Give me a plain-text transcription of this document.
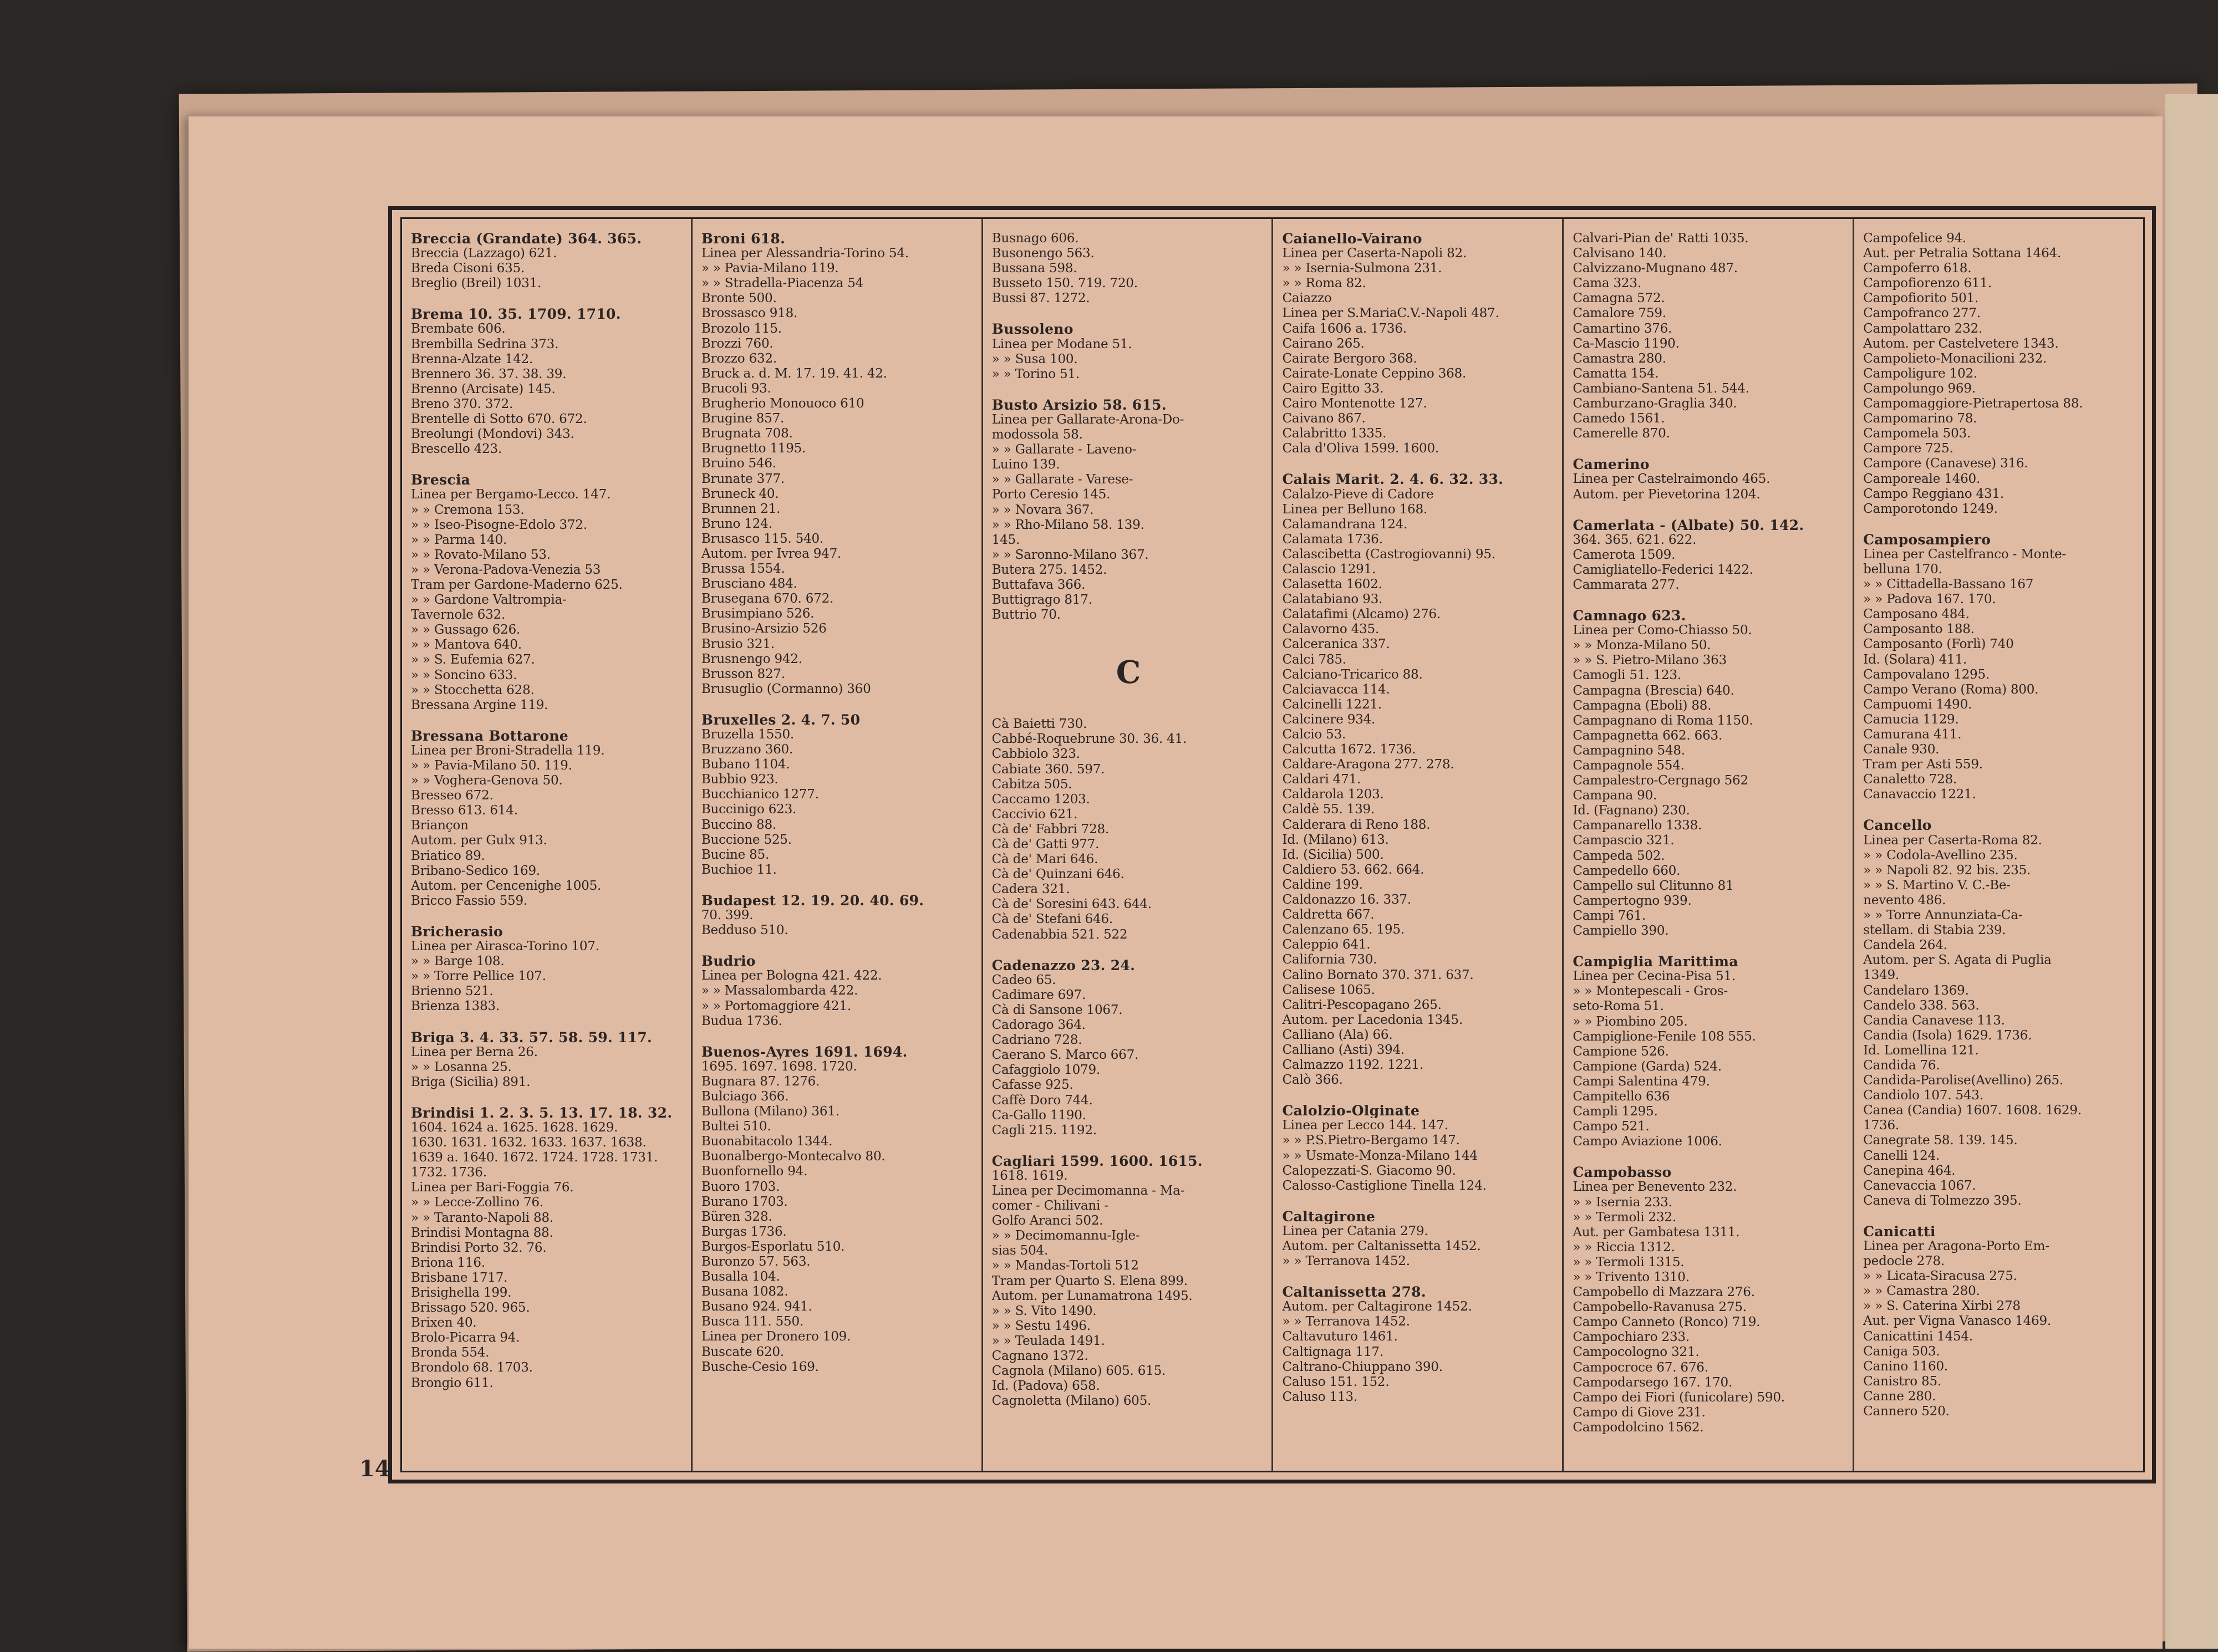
Breccia (Grandate) 364. 365.
Breccia (Lazzago) 621.
Breda Cisoni 635.
Breglio (Breil) 1031.
Brema 10. 35. 1709. 1710.
Brembate 606.
Brembilla Sedrina 373.
Brenna-Alzate 142.
Brennero 36. 37. 38. 39.
Brenno (Arcisate) 145.
Breno 370. 372.
Brentelle di Sotto 670. 672.
Breolungi (Mondovi) 343.
Brescello 423.
Brescia
Linea per Bergamo-Lecco. 147.
» » Cremona 153.
» » Iseo-Pisogne-Edolo 372.
» » Parma 140.
» » Rovato-Milano 53.
» » Verona-Padova-Venezia 53
Tram per Gardone-Maderno 625.
» » Gardone Valtrompia-
Tavernole 632.
» » Gussago 626.
» » Mantova 640.
» » S. Eufemia 627.
» » Soncino 633.
» » Stocchetta 628.
Bressana Argine 119.
Bressana Bottarone
Linea per Broni-Stradella 119.
» » Pavia-Milano 50. 119.
» » Voghera-Genova 50.
Bresseo 672.
Bresso 613. 614.
Briançon
Autom. per Gulx 913.
Briatico 89.
Bribano-Sedico 169.
Autom. per Cencenighe 1005.
Bricco Fassio 559.
Bricherasio
Linea per Airasca-Torino 107.
» » Barge 108.
» » Torre Pellice 107.
Brienno 521.
Brienza 1383.
Briga 3. 4. 33. 57. 58. 59. 117.
Linea per Berna 26.
» » Losanna 25.
Briga (Sicilia) 891.
Brindisi 1. 2. 3. 5. 13. 17. 18. 32.
1604. 1624 a. 1625. 1628. 1629.
1630. 1631. 1632. 1633. 1637. 1638.
1639 a. 1640. 1672. 1724. 1728. 1731.
1732. 1736.
Linea per Bari-Foggia 76.
» » Lecce-Zollino 76.
» » Taranto-Napoli 88.
Brindisi Montagna 88.
Brindisi Porto 32. 76.
Briona 116.
Brisbane 1717.
Brisighella 199.
Brissago 520. 965.
Brixen 40.
Brolo-Picarra 94.
Bronda 554.
Brondolo 68. 1703.
Brongio 611.
Broni 618.
Linea per Alessandria-Torino 54.
» » Pavia-Milano 119.
» » Stradella-Piacenza 54
Bronte 500.
Brossasco 918.
Brozolo 115.
Brozzi 760.
Brozzo 632.
Bruck a. d. M. 17. 19. 41. 42.
Brucoli 93.
Brugherio Monouoco 610
Brugine 857.
Brugnata 708.
Brugnetto 1195.
Bruino 546.
Brunate 377.
Bruneck 40.
Brunnen 21.
Bruno 124.
Brusasco 115. 540.
Autom. per Ivrea 947.
Brussa 1554.
Brusciano 484.
Brusegana 670. 672.
Brusimpiano 526.
Brusino-Arsizio 526
Brusio 321.
Brusnengo 942.
Brusson 827.
Brusuglio (Cormanno) 360
Bruxelles 2. 4. 7. 50
Bruzella 1550.
Bruzzano 360.
Bubano 1104.
Bubbio 923.
Bucchianico 1277.
Buccinigo 623.
Buccino 88.
Buccione 525.
Bucine 85.
Buchioe 11.
Budapest 12. 19. 20. 40. 69.
70. 399.
Bedduso 510.
Budrio
Linea per Bologna 421. 422.
» » Massalombarda 422.
» » Portomaggiore 421.
Budua 1736.
Buenos-Ayres 1691. 1694.
1695. 1697. 1698. 1720.
Bugnara 87. 1276.
Bulciago 366.
Bullona (Milano) 361.
Bultei 510.
Buonabitacolo 1344.
Buonalbergo-Montecalvo 80.
Buonfornello 94.
Buoro 1703.
Burano 1703.
Büren 328.
Burgas 1736.
Burgos-Esporlatu 510.
Buronzo 57. 563.
Busalla 104.
Busana 1082.
Busano 924. 941.
Busca 111. 550.
Linea per Dronero 109.
Buscate 620.
Busche-Cesio 169.
Busnago 606.
Busonengo 563.
Bussana 598.
Busseto 150. 719. 720.
Bussi 87. 1272.
Bussoleno
Linea per Modane 51.
» » Susa 100.
» » Torino 51.
Busto Arsizio 58. 615.
Linea per Gallarate-Arona-Do-
modossola 58.
» » Gallarate - Laveno-
Luino 139.
» » Gallarate - Varese-
Porto Ceresio 145.
» » Novara 367.
» » Rho-Milano 58. 139.
145.
» » Saronno-Milano 367.
Butera 275. 1452.
Buttafava 366.
Buttigrago 817.
Buttrio 70.
C
Cà Baietti 730.
Cabbé-Roquebrune 30. 36. 41.
Cabbiolo 323.
Cabiate 360. 597.
Cabitza 505.
Caccamo 1203.
Caccivio 621.
Cà de' Fabbri 728.
Cà de' Gatti 977.
Cà de' Mari 646.
Cà de' Quinzani 646.
Cadera 321.
Cà de' Soresini 643. 644.
Cà de' Stefani 646.
Cadenabbia 521. 522
Cadenazzo 23. 24.
Cadeo 65.
Cadimare 697.
Cà di Sansone 1067.
Cadorago 364.
Cadriano 728.
Caerano S. Marco 667.
Cafaggiolo 1079.
Cafasse 925.
Caffè Doro 744.
Ca-Gallo 1190.
Cagli 215. 1192.
Cagliari 1599. 1600. 1615.
1618. 1619.
Linea per Decimomanna - Ma-
comer - Chilivani -
Golfo Aranci 502.
» » Decimomannu-Igle-
sias 504.
» » Mandas-Tortoli 512
Tram per Quarto S. Elena 899.
Autom. per Lunamatrona 1495.
» » S. Vito 1490.
» » Sestu 1496.
» » Teulada 1491.
Cagnano 1372.
Cagnola (Milano) 605. 615.
Id. (Padova) 658.
Cagnoletta (Milano) 605.
Caianello-Vairano
Linea per Caserta-Napoli 82.
» » Isernia-Sulmona 231.
» » Roma 82.
Caiazzo
Linea per S.MariaC.V.-Napoli 487.
Caifa 1606 a. 1736.
Cairano 265.
Cairate Bergoro 368.
Cairate-Lonate Ceppino 368.
Cairo Egitto 33.
Cairo Montenotte 127.
Caivano 867.
Calabritto 1335.
Cala d'Oliva 1599. 1600.
Calais Marit. 2. 4. 6. 32. 33.
Calalzo-Pieve di Cadore
Linea per Belluno 168.
Calamandrana 124.
Calamata 1736.
Calascibetta (Castrogiovanni) 95.
Calascio 1291.
Calasetta 1602.
Calatabiano 93.
Calatafimi (Alcamo) 276.
Calavorno 435.
Calceranica 337.
Calci 785.
Calciano-Tricarico 88.
Calciavacca 114.
Calcinelli 1221.
Calcinere 934.
Calcio 53.
Calcutta 1672. 1736.
Caldare-Aragona 277. 278.
Caldari 471.
Caldarola 1203.
Caldè 55. 139.
Calderara di Reno 188.
Id. (Milano) 613.
Id. (Sicilia) 500.
Caldiero 53. 662. 664.
Caldine 199.
Caldonazzo 16. 337.
Caldretta 667.
Calenzano 65. 195.
Caleppio 641.
California 730.
Calino Bornato 370. 371. 637.
Calisese 1065.
Calitri-Pescopagano 265.
Autom. per Lacedonia 1345.
Calliano (Ala) 66.
Calliano (Asti) 394.
Calmazzo 1192. 1221.
Calò 366.
Calolzio-Olginate
Linea per Lecco 144. 147.
» » P.S.Pietro-Bergamo 147.
» » Usmate-Monza-Milano 144
Calopezzati-S. Giacomo 90.
Calosso-Castiglione Tinella 124.
Caltagirone
Linea per Catania 279.
Autom. per Caltanissetta 1452.
» » Terranova 1452.
Caltanissetta 278.
Autom. per Caltagirone 1452.
» » Terranova 1452.
Caltavuturo 1461.
Caltignaga 117.
Caltrano-Chiuppano 390.
Caluso 151. 152.
Caluso 113.
Calvari-Pian de' Ratti 1035.
Calvisano 140.
Calvizzano-Mugnano 487.
Cama 323.
Camagna 572.
Camalore 759.
Camartino 376.
Ca-Mascio 1190.
Camastra 280.
Camatta 154.
Cambiano-Santena 51. 544.
Camburzano-Graglia 340.
Camedo 1561.
Camerelle 870.
Camerino
Linea per Castelraimondo 465.
Autom. per Pievetorina 1204.
Camerlata - (Albate) 50. 142.
364. 365. 621. 622.
Camerota 1509.
Camigliatello-Federici 1422.
Cammarata 277.
Camnago 623.
Linea per Como-Chiasso 50.
» » Monza-Milano 50.
» » S. Pietro-Milano 363
Camogli 51. 123.
Campagna (Brescia) 640.
Campagna (Eboli) 88.
Campagnano di Roma 1150.
Campagnetta 662. 663.
Campagnino 548.
Campagnole 554.
Campalestro-Cergnago 562
Campana 90.
Id. (Fagnano) 230.
Campanarello 1338.
Campascio 321.
Campeda 502.
Campedello 660.
Campello sul Clitunno 81
Campertogno 939.
Campi 761.
Campiello 390.
Campiglia Marittima
Linea per Cecina-Pisa 51.
» » Montepescali - Gros-
seto-Roma 51.
» » Piombino 205.
Campiglione-Fenile 108 555.
Campione 526.
Campione (Garda) 524.
Campi Salentina 479.
Campitello 636
Campli 1295.
Campo 521.
Campo Aviazione 1006.
Campobasso
Linea per Benevento 232.
» » Isernia 233.
» » Termoli 232.
Aut. per Gambatesa 1311.
» » Riccia 1312.
» » Termoli 1315.
» » Trivento 1310.
Campobello di Mazzara 276.
Campobello-Ravanusa 275.
Campo Canneto (Ronco) 719.
Campochiaro 233.
Campocologno 321.
Campocroce 67. 676.
Campodarsego 167. 170.
Campo dei Fiori (funicolare) 590.
Campo di Giove 231.
Campodolcino 1562.
Campofelice 94.
Aut. per Petralia Sottana 1464.
Campoferro 618.
Campofiorenzo 611.
Campofiorito 501.
Campofranco 277.
Campolattaro 232.
Autom. per Castelvetere 1343.
Campolieto-Monacilioni 232.
Campoligure 102.
Campolungo 969.
Campomaggiore-Pietrapertosa 88.
Campomarino 78.
Campomela 503.
Campore 725.
Campore (Canavese) 316.
Camporeale 1460.
Campo Reggiano 431.
Camporotondo 1249.
Camposampiero
Linea per Castelfranco - Monte-
belluna 170.
» » Cittadella-Bassano 167
» » Padova 167. 170.
Camposano 484.
Camposanto 188.
Camposanto (Forlì) 740
Id. (Solara) 411.
Campovalano 1295.
Campo Verano (Roma) 800.
Campuomi 1490.
Camucia 1129.
Camurana 411.
Canale 930.
Tram per Asti 559.
Canaletto 728.
Canavaccio 1221.
Cancello
Linea per Caserta-Roma 82.
» » Codola-Avellino 235.
» » Napoli 82. 92 bis. 235.
» » S. Martino V. C.-Be-
nevento 486.
» » Torre Annunziata-Ca-
stellam. di Stabia 239.
Candela 264.
Autom. per S. Agata di Puglia
1349.
Candelaro 1369.
Candelo 338. 563.
Candia Canavese 113.
Candia (Isola) 1629. 1736.
Id. Lomellina 121.
Candida 76.
Candida-Parolise(Avellino) 265.
Candiolo 107. 543.
Canea (Candia) 1607. 1608. 1629.
1736.
Canegrate 58. 139. 145.
Canelli 124.
Canepina 464.
Canevaccia 1067.
Caneva di Tolmezzo 395.
Canicatti
Linea per Aragona-Porto Em-
pedocle 278.
» » Licata-Siracusa 275.
» » Camastra 280.
» » S. Caterina Xirbi 278
Aut. per Vigna Vanasco 1469.
Canicattini 1454.
Caniga 503.
Canino 1160.
Canistro 85.
Canne 280.
Cannero 520.
14
